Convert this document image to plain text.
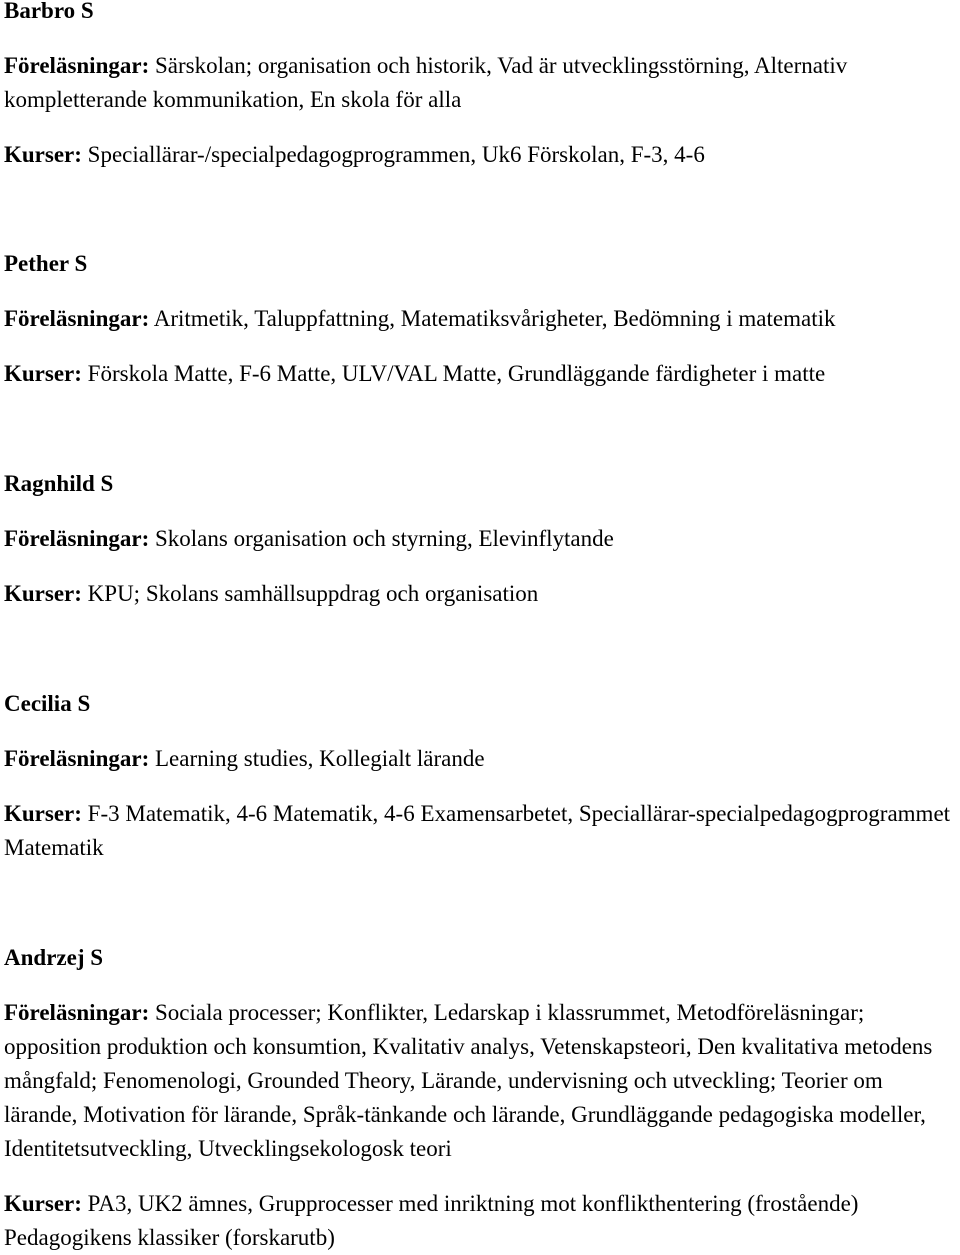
Barbro S

Föreläsningar: Särskolan; organisation och historik, Vad är utvecklingsstörning, Alternativ kompletterande kommunikation, En skola för alla

Kurser: Speciallärar-/specialpedagogprogrammen, Uk6 Förskolan, F-3, 4-6

Pether S

Föreläsningar: Aritmetik, Taluppfattning, Matematiksvårigheter, Bedömning i matematik

Kurser: Förskola Matte, F-6 Matte, ULV/VAL Matte, Grundläggande färdigheter i matte

Ragnhild S

Föreläsningar: Skolans organisation och styrning, Elevinflytande

Kurser: KPU; Skolans samhällsuppdrag och organisation

Cecilia S

Föreläsningar: Learning studies, Kollegialt lärande

Kurser: F-3 Matematik, 4-6 Matematik, 4-6 Examensarbetet, Speciallärar-specialpedagogprogrammet Matematik

Andrzej S

Föreläsningar: Sociala processer; Konflikter, Ledarskap i klassrummet, Metodföreläsningar; opposition produktion och konsumtion, Kvalitativ analys, Vetenskapsteori, Den kvalitativa metodens mångfald; Fenomenologi, Grounded Theory, Lärande, undervisning och utveckling; Teorier om lärande, Motivation för lärande, Språk-tänkande och lärande, Grundläggande pedagogiska modeller, Identitetsutveckling, Utvecklingsekologosk teori

Kurser: PA3, UK2 ämnes, Grupprocesser med inriktning mot konflikthentering (frostående) Pedagogikens klassiker (forskarutb)
